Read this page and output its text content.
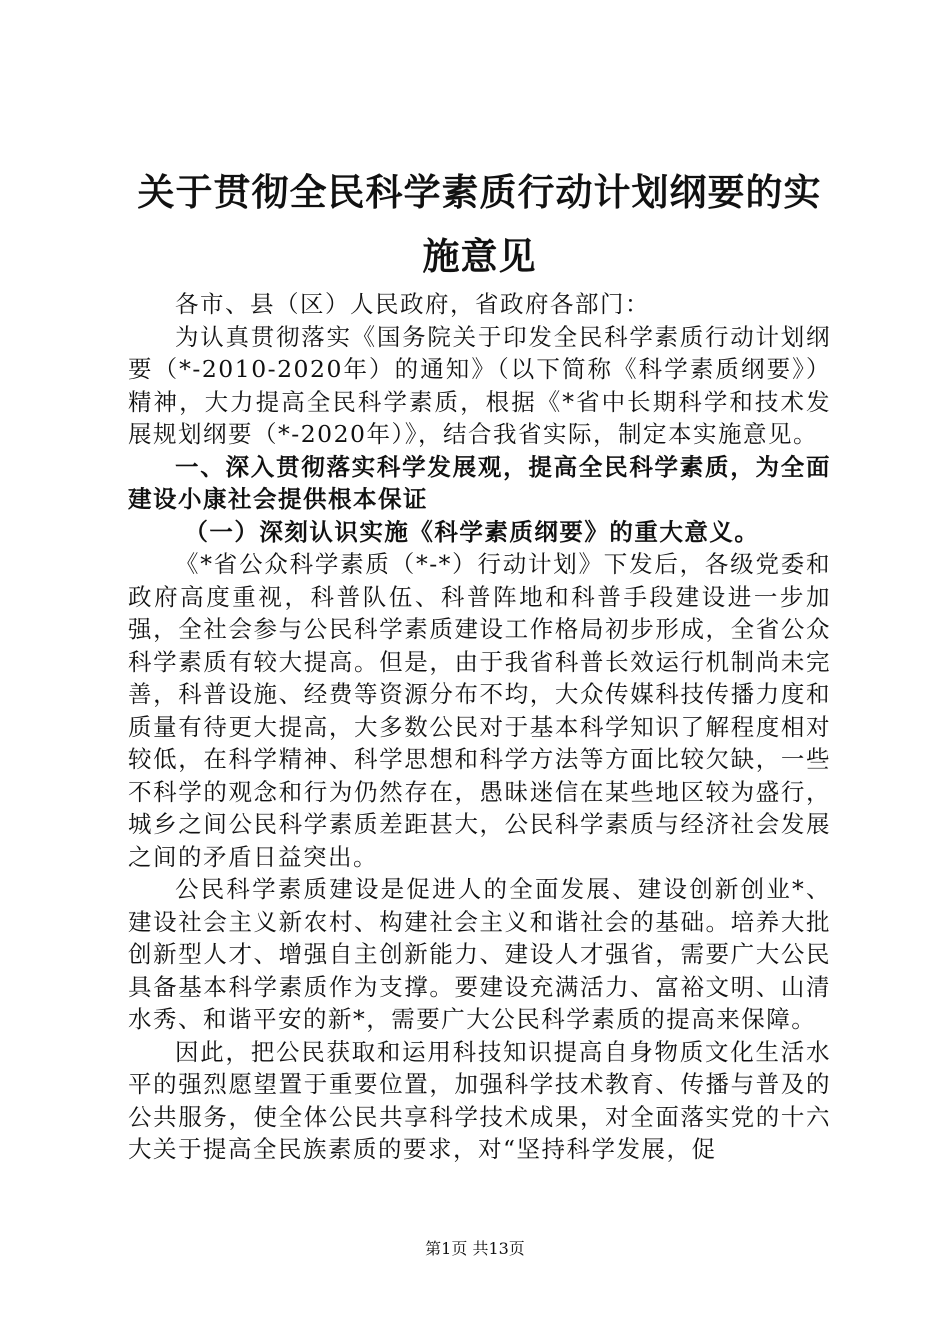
关于贯彻全民科学素质行动计划纲要的实施意见

各市、县（区）人民政府，省政府各部门：

为认真贯彻落实《国务院关于印发全民科学素质行动计划纲要（*-2010-2020年）的通知》（以下简称《科学素质纲要》）精神，大力提高全民科学素质，根据《*省中长期科学和技术发展规划纲要（*-2020年）》，结合我省实际，制定本实施意见。

一、深入贯彻落实科学发展观，提高全民科学素质，为全面建设小康社会提供根本保证

（一）深刻认识实施《科学素质纲要》的重大意义。

《*省公众科学素质（*-*）行动计划》下发后，各级党委和政府高度重视，科普队伍、科普阵地和科普手段建设进一步加强，全社会参与公民科学素质建设工作格局初步形成，全省公众科学素质有较大提高。但是，由于我省科普长效运行机制尚未完善，科普设施、经费等资源分布不均，大众传媒科技传播力度和质量有待更大提高，大多数公民对于基本科学知识了解程度相对较低，在科学精神、科学思想和科学方法等方面比较欠缺，一些不科学的观念和行为仍然存在，愚昧迷信在某些地区较为盛行，城乡之间公民科学素质差距甚大，公民科学素质与经济社会发展之间的矛盾日益突出。

公民科学素质建设是促进人的全面发展、建设创新创业*、建设社会主义新农村、构建社会主义和谐社会的基础。培养大批创新型人才、增强自主创新能力、建设人才强省，需要广大公民具备基本科学素质作为支撑。要建设充满活力、富裕文明、山清水秀、和谐平安的新*，需要广大公民科学素质的提高来保障。

因此，把公民获取和运用科技知识提高自身物质文化生活水平的强烈愿望置于重要位置，加强科学技术教育、传播与普及的公共服务，使全体公民共享科学技术成果，对全面落实党的十六大关于提高全民族素质的要求，对“坚持科学发展，促

第1页 共13页
